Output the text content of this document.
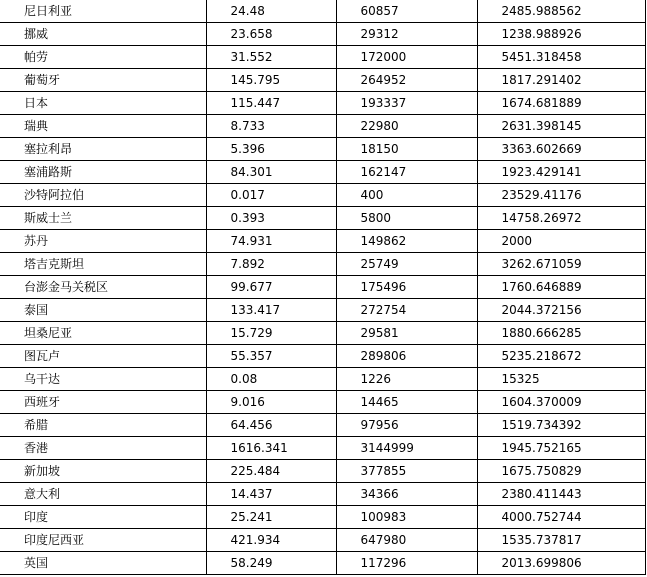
尼日利亚	24.48	60857	2485.988562
挪威	23.658	29312	1238.988926
帕劳	31.552	172000	5451.318458
葡萄牙	145.795	264952	1817.291402
日本	115.447	193337	1674.681889
瑞典	8.733	22980	2631.398145
塞拉利昂	5.396	18150	3363.602669
塞浦路斯	84.301	162147	1923.429141
沙特阿拉伯	0.017	400	23529.41176
斯威士兰	0.393	5800	14758.26972
苏丹	74.931	149862	2000
塔吉克斯坦	7.892	25749	3262.671059
台澎金马关税区	99.677	175496	1760.646889
泰国	133.417	272754	2044.372156
坦桑尼亚	15.729	29581	1880.666285
图瓦卢	55.357	289806	5235.218672
乌干达	0.08	1226	15325
西班牙	9.016	14465	1604.370009
希腊	64.456	97956	1519.734392
香港	1616.341	3144999	1945.752165
新加坡	225.484	377855	1675.750829
意大利	14.437	34366	2380.411443
印度	25.241	100983	4000.752744
印度尼西亚	421.934	647980	1535.737817
英国	58.249	117296	2013.699806
